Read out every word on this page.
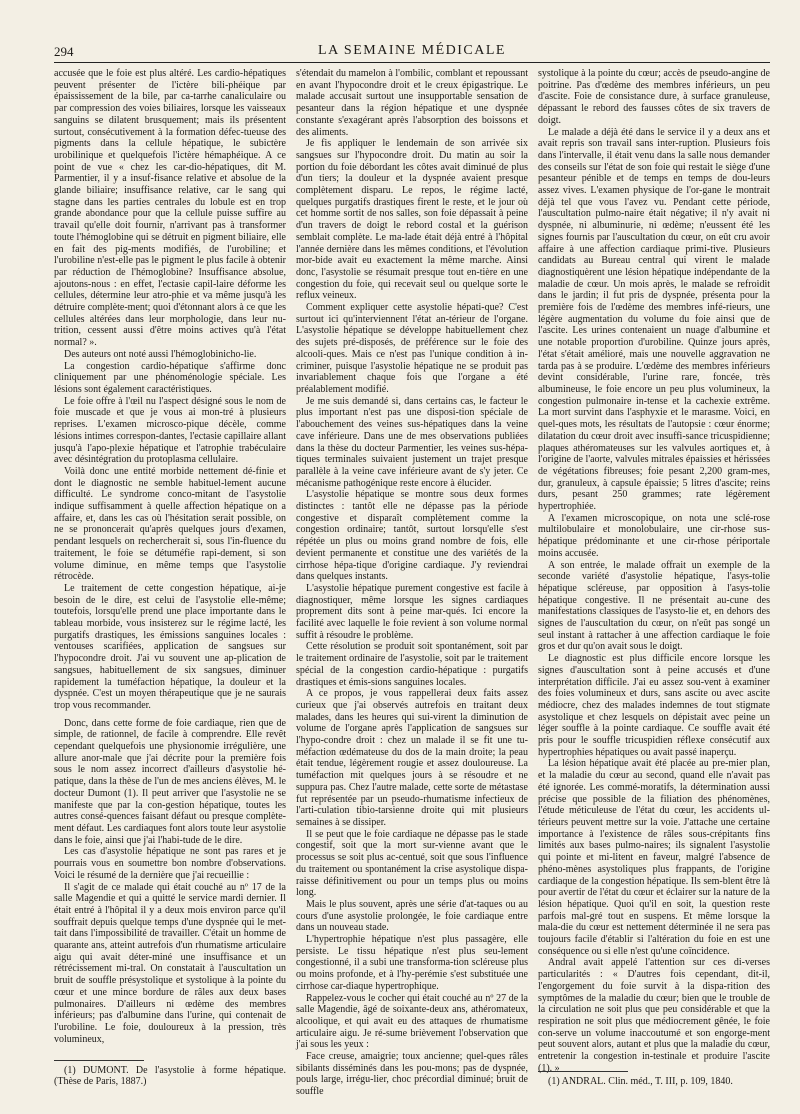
294	LA SEMAINE MÉDICALE

accusée que le foie est plus altéré. Les cardio-hépatiques peuvent présenter de l'ictère bili-phéique par épaississement de la bile, par ca-tarrhe canaliculaire ou par compression des voies biliaires, lorsque les vaisseaux sanguins se dilatent brusquement; mais ils présentent surtout, consécutivement à la formation défec-tueuse des pigments dans la cellule hépatique, le subictère urobilinique et quelquefois l'ictère hémaphéique. A ce point de vue « chez les car-dio-hépatiques, dit M. Parmentier, il y a insuf-fisance relative et absolue de la glande biliaire; insuffisance relative, car le sang qui stagne dans les parties centrales du lobule est en trop grande abondance pour que la cellule puisse suffire au travail qu'elle doit fournir, n'arrivant pas à transformer toute l'hémoglobine qui se détruit en pigment biliaire, elle en fait des pig-ments modifiés, de l'urobiline; et l'urobiline n'est-elle pas le pigment le plus facile à obtenir par réduction de l'hémoglobine? Insuffisance absolue, ajoutons-nous : en effet, l'ectasie capil-laire déforme les cellules, détermine leur atro-phie et va même jusqu'à les détruire complète-ment; quoi d'étonnant alors à ce que les cellules altérées dans leur morphologie, dans leur nu-trition, cessent aussi d'être moins actives qu'à l'état normal? ».

Des auteurs ont noté aussi l'hémoglobinicho-lie.

La congestion cardio-hépatique s'affirme donc cliniquement par une phénoménologie spéciale. Les lésions sont également caractéristiques.

Le foie offre à l'œil nu l'aspect désigné sous le nom de foie muscade et que je vous ai mon-tré à plusieurs reprises. L'examen microsco-pique décèle, comme lésions intimes correspon-dantes, l'ectasie capillaire allant jusqu'à l'apo-plexie hépatique et l'atrophie trabéculaire avec désintégration du protoplasma cellulaire.

Voilà donc une entité morbide nettement dé-finie et dont le diagnostic ne semble habituel-lement aucune difficulté. Le syndrome conco-mitant de l'asystolie indique suffisamment à quelle affection hépatique on a affaire, et, dans les cas où l'hésitation serait possible, on ne se prononcerait qu'après quelques jours d'examen, pendant lesquels on rechercherait si, sous l'in-fluence du traitement, le foie se détuméfie rapi-dement, si son volume diminue, en même temps que l'asystolie rétrocède.

Le traitement de cette congestion hépatique, ai-je besoin de le dire, est celui de l'asystolie elle-même; toutefois, lorsqu'elle prend une place importante dans le tableau morbide, vous insisterez sur le régime lacté, les purgatifs drastiques, les émissions sanguines locales : ventouses scarifiées, application de sangsues sur l'hypocondre droit. J'ai vu souvent une ap-plication de sangsues, habituellement de six sangsues, diminuer rapidement la tuméfaction hépatique, la douleur et la dyspnée. C'est un moyen thérapeutique que je ne saurais trop vous recommander.

Donc, dans cette forme de foie cardiaque, rien que de simple, de rationnel, de facile à comprendre. Elle revêt cependant quelquefois une physionomie irrégulière, une allure anor-male que j'ai décrite pour la première fois sous le nom assez incorrect d'ailleurs d'asystolie hé-patique, dans la thèse de l'un de mes anciens élèves, M. le docteur Dumont (1). Il peut arriver que l'asystolie ne se manifeste que par la con-gestion hépatique, toutes les autres consé-quences faisant défaut ou presque complète-ment défaut. Les cardiaques font alors toute leur asystolie dans le foie, ainsi que j'ai l'habi-tude de le dire.

Les cas d'asystolie hépatique ne sont pas rares et je pourrais vous en soumettre bon nombre d'observations. Voici le résumé de la dernière que j'ai recueillie :

Il s'agit de ce malade qui était couché au nº 17 de la salle Magendie et qui a quitté le service mardi dernier. Il était entré à l'hôpital il y a deux mois environ parce qu'il souffrait depuis quelque temps d'une dyspnée qui le met-tait dans l'impossibilité de travailler. C'était un homme de quarante ans, atteint autrefois d'un rhumatisme articulaire aigu qui avait déter-miné une insuffisance et un rétrécissement mi-tral. On constatait à l'auscultation un bruit de souffle présystolique et systolique à la pointe du cœur et une mince bordure de râles aux deux bases pulmonaires. D'ailleurs ni œdème des membres inférieurs; pas d'albumine dans l'urine, qui contenait de l'urobiline. Le foie, douloureux à la pression, très volumineux,

(1) DUMONT. De l'asystolie à forme hépatique. (Thèse de Paris, 1887.)

s'étendait du mamelon à l'ombilic, comblant et repoussant en avant l'hypocondre droit et le creux épigastrique. Le malade accusait surtout une insupportable sensation de pesanteur dans la région hépatique et une dyspnée constante s'exagérant après l'absorption des boissons et des aliments.

Je fis appliquer le lendemain de son arrivée six sangsues sur l'hypocondre droit. Du matin au soir la portion du foie débordant les côtes avait diminué de plus d'un tiers; la douleur et la dyspnée avaient presque complètement disparu. Le repos, le régime lacté, quelques purgatifs drastiques firent le reste, et le jour où cet homme sortit de nos salles, son foie dépassait à peine d'un travers de doigt le rebord costal et la guérison semblait complète. Le ma-lade était déjà entré à l'hôpital l'année dernière dans les mêmes conditions, et l'évolution mor-bide avait eu exactement la même marche. Ainsi donc, l'asystolie se résumait presque tout en-tière en une congestion du foie, qui recevait seul ou quelque sorte le reflux veineux.

Comment expliquer cette asystolie hépati-que? C'est surtout ici qu'interviennent l'état an-térieur de l'organe. L'asystolie hépatique se développe habituellement chez des sujets pré-disposés, de préférence sur le foie des alcooli-ques. Mais ce n'est pas l'unique condition à in-criminer, puisque l'asystolie hépatique ne se produit pas invariablement chaque fois que l'organe a été préalablement modifié.

Je me suis demandé si, dans certains cas, le facteur le plus important n'est pas une disposi-tion spéciale de l'abouchement des veines sus-hépatiques dans la veine cave inférieure. Dans une de mes observations publiées dans la thèse du docteur Parmentier, les veines sus-hépa-tiques terminales suivaient justement un trajet presque parallèle à la veine cave inférieure avant de s'y jeter. Ce mécanisme pathogénique reste encore à élucider.

L'asystolie hépatique se montre sous deux formes distinctes : tantôt elle ne dépasse pas la période congestive et disparaît complètement comme la congestion ordinaire; tantôt, surtout lorsqu'elle s'est répétée un plus ou moins grand nombre de fois, elle devient permanente et constitue une des variétés de la cirrhose hépa-tique d'origine cardiaque. J'y reviendrai dans quelques instants.

L'asystolie hépatique purement congestive est facile à diagnostiquer, même lorsque les signes cardiaques proprement dits sont à peine mar-qués. Ici encore la facilité avec laquelle le foie revient à son volume normal suffit à résoudre le problème.

Cette résolution se produit soit spontanément, soit par le traitement ordinaire de l'asystolie, soit par le traitement spécial de la congestion cardio-hépatique : purgatifs drastiques et émis-sions sanguines locales.

A ce propos, je vous rappellerai deux faits assez curieux que j'ai observés autrefois en traitant deux malades, dans les heures qui sui-virent la diminution de volume de l'organe après l'application de sangsues sur l'hypo-condre droit : chez un malade il se fit une tu-méfaction œdémateuse du dos de la main droite; la peau était tendue, légèrement rougie et assez douloureuse. La tuméfaction mit quelques jours à se résoudre et ne suppura pas. Chez l'autre malade, cette sorte de métastase fut représentée par un pseudo-rhumatisme infectieux de l'arti-culation tibio-tarsienne droite qui mit plusieurs semaines à se dissiper.

Il se peut que le foie cardiaque ne dépasse pas le stade congestif, soit que la mort sur-vienne avant que le processus se soit plus ac-centué, soit que sous l'influence du traitement ou spontanément la crise asystolique dispa-raisse définitivement ou pour un temps plus ou moins long.

Mais le plus souvent, après une série d'at-taques ou au cours d'une asystolie prolongée, le foie cardiaque entre dans un nouveau stade.

L'hypertrophie hépatique n'est plus passagère, elle persiste. Le tissu hépatique n'est plus seu-lement congestionné, il a subi une transforma-tion scléreuse plus ou moins profonde, et à l'hy-perémie s'est substituée une cirrhose car-diaque hypertrophique.

Rappelez-vous le cocher qui était couché au nº 27 de la salle Magendie, âgé de soixante-deux ans, athéromateux, alcoolique, et qui avait eu des attaques de rhumatisme articulaire aigu. Je ré-sume brièvement l'observation que j'ai sous les yeux :

Face creuse, amaigrie; toux ancienne; quel-ques râles sibilants disséminés dans les pou-mons; pas de dyspnée, pouls large, irrégu-lier, choc précordial diminué; bruit de souffle

systolique à la pointe du cœur; accès de pseudo-angine de poitrine. Pas d'œdème des membres inférieurs, un peu d'ascite. Foie de consistance dure, à surface granuleuse, dépassant le rebord des fausses côtes de six travers de doigt.

Le malade a déjà été dans le service il y a deux ans et avait repris son travail sans inter-ruption. Plusieurs fois dans l'intervalle, il était venu dans la salle nous demander des conseils sur l'état de son foie qui restait le siège d'une pesanteur pénible et de temps en temps de dou-leurs assez vives. L'examen physique de l'or-gane le montrait déjà tel que vous l'avez vu. Pendant cette période, l'auscultation pulmo-naire était négative; il n'y avait ni dyspnée, ni albuminurie, ni œdème; n'eussent été les signes fournis par l'auscultation du cœur, on eût cru avoir affaire à une affection cardiaque primi-tive. Plusieurs candidats au Bureau central qui virent le malade diagnostiquèrent une lésion hépatique indépendante de la maladie de cœur. Un mois après, le malade se refroidit dans le jardin; il fut pris de dyspnée, présenta pour la première fois de l'œdème des membres infé-rieurs, une légère augmentation du volume du foie ainsi que de l'ascite. Les urines contenaient un nuage d'albumine et une notable proportion d'urobiline. Quinze jours après, l'état s'était amélioré, mais une nouvelle aggravation ne tarda pas à se produire. L'œdème des membres inférieurs devint considérable, l'urine rare, foncée, très albumineuse, le foie encore un peu plus volumineux, la congestion pulmonaire in-tense et la cachexie extrême. La mort survint dans l'asphyxie et le marasme. Voici, en quel-ques mots, les résultats de l'autopsie : cœur énorme; dilatation du cœur droit avec insuffi-sance tricuspidienne; plaques athéromateuses sur les valvules aortiques et, à l'origine de l'aorte, valvules mitrales épaissies et hérissées de végétations fibreuses; foie pesant 2,200 gram-mes, dur, granuleux, à capsule épaissie; 5 litres d'ascite; reins durs, pesant 250 grammes; rate légèrement hypertrophiée.

A l'examen microscopique, on nota une sclé-rose multilobulaire et monolobulaire, une cir-rhose sus-hépatique prédominante et une cir-rhose périportale moins accusée.

A son entrée, le malade offrait un exemple de la seconde variété d'asystolie hépatique, l'asys-tolie hépatique scléreuse, par opposition à l'asys-tolie hépatique congestive. Il ne présentait au-cune des manifestations classiques de l'asysto-lie et, en dehors des signes de l'auscultation du cœur, on n'eût pas songé un seul instant à rattacher à une affection cardiaque le foie gros et dur qu'on avait sous le doigt.

Le diagnostic est plus difficile encore lorsque les signes d'auscultation sont à peine accusés et d'une interprétation difficile. J'ai eu assez sou-vent à examiner des foies volumineux et durs, sans ascite ou avec ascite médiocre, chez des malades indemnes de tout stigmate asystolique et chez lesquels on dépistait avec peine un léger souffle à la pointe cardiaque. Ce souffle avait été pris pour le souffle tricuspidien réflexe consécutif aux hypertrophies hépatiques ou avait passé inaperçu.

La lésion hépatique avait été placée au pre-mier plan, et la maladie du cœur au second, quand elle n'avait pas été ignorée. Les commé-moratifs, la détermination aussi précise que possible de la filiation des phénomènes, l'étude méticuleuse de l'état du cœur, les accidents ul-térieurs peuvent mettre sur la voie. J'attache une certaine importance à l'existence de râles sous-crépitants fins limités aux bases pulmo-naires; ils signalent l'asystolie qui pointe et mi-litent en faveur, malgré l'absence de phéno-mènes asystoliques plus frappants, de l'origine cardiaque de la congestion hépatique. Ils sem-blent être là pour avertir de l'état du cœur et éclairer sur la nature de la lésion hépatique. Quoi qu'il en soit, la question reste parfois mal-gré tout en suspens. Et même lorsque la mala-die du cœur est nettement déterminée il ne sera pas toujours facile d'établir si l'altération du foie en est une conséquence ou si elle n'est qu'une coïncidence.

Andral avait appelé l'attention sur ces di-verses particularités : « D'autres fois cependant, dit-il, l'engorgement du foie survit à la dispa-rition des symptômes de la maladie du cœur; bien que le trouble de la circulation ne soit plus que peu considérable et que la respiration ne soit plus que médiocrement gênée, le foie con-serve un volume inaccoutumé et son engorge-ment peut souvent alors, autant et plus que la maladie du cœur, entretenir la congestion in-testinale et produire l'ascite (1). »

(1) ANDRAL. Clin. méd., T. III, p. 109, 1840.
